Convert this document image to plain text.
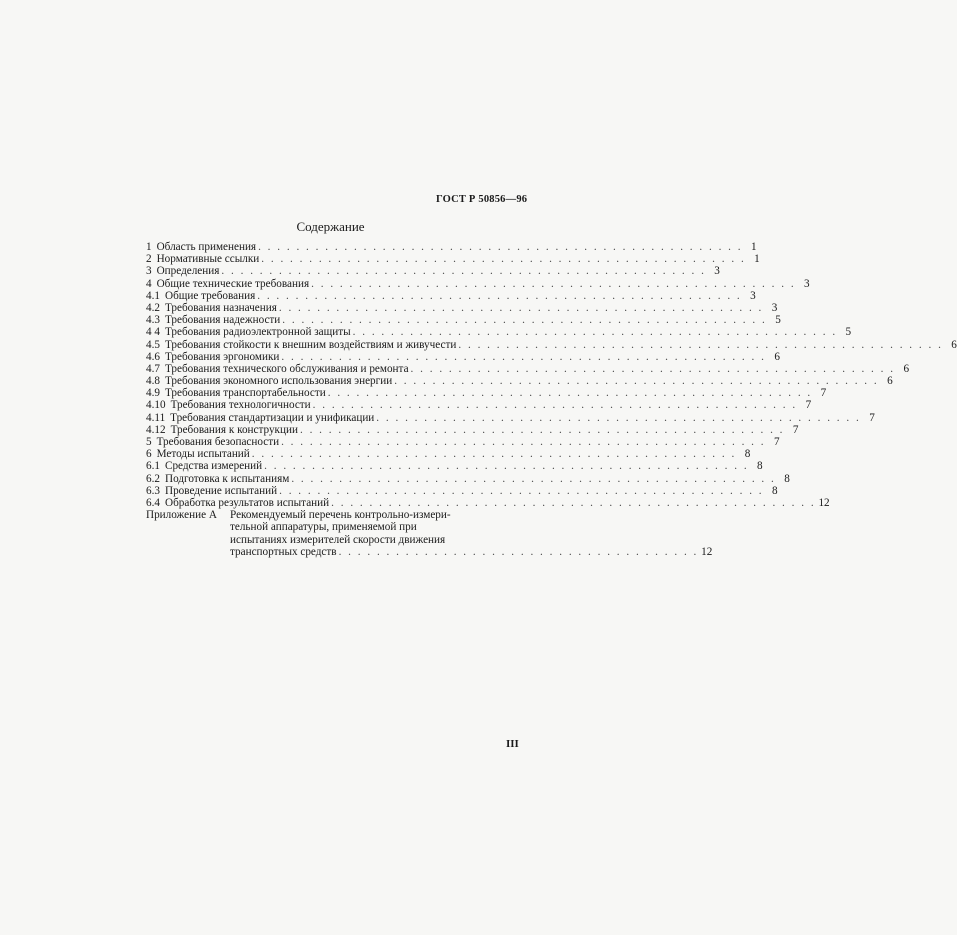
ГОСТ Р 50856—96
Содержание
1 Область применения . . .	1
2 Нормативные ссылки . . .	1
3 Определения . . .	3
4 Общие технические требования . . .	3
4.1 Общие требования . . .	3
4.2 Требования назначения . . .	3
4.3 Требования надежности . . .	5
4 4 Требования радиоэлектронной защиты . . .	5
4.5 Требования стойкости к внешним воздействиям и живучести . . .	6
4.6 Требования эргономики . . .	6
4.7 Требования технического обслуживания и ремонта . . .	6
4.8 Требования экономного использования энергии . . .	6
4.9 Требования транспортабельности . . .	7
4.10 Требования технологичности . . .	7
4.11 Требования стандартизации и унификации . . .	7
4.12 Требования к конструкции . . .	7
5 Требования безопасности . . .	7
6 Методы испытаний . . .	8
6.1 Средства измерений . . .	8
6.2 Подготовка к испытаниям . . .	8
6.3 Проведение испытаний . . .	8
6.4 Обработка результатов испытаний . . .	12
Приложение А	Рекомендуемый перечень контрольно-измери-
тельной аппаратуры, применяемой при
испытаниях измерителей скорости движения
транспортных средств . . .	12
III
